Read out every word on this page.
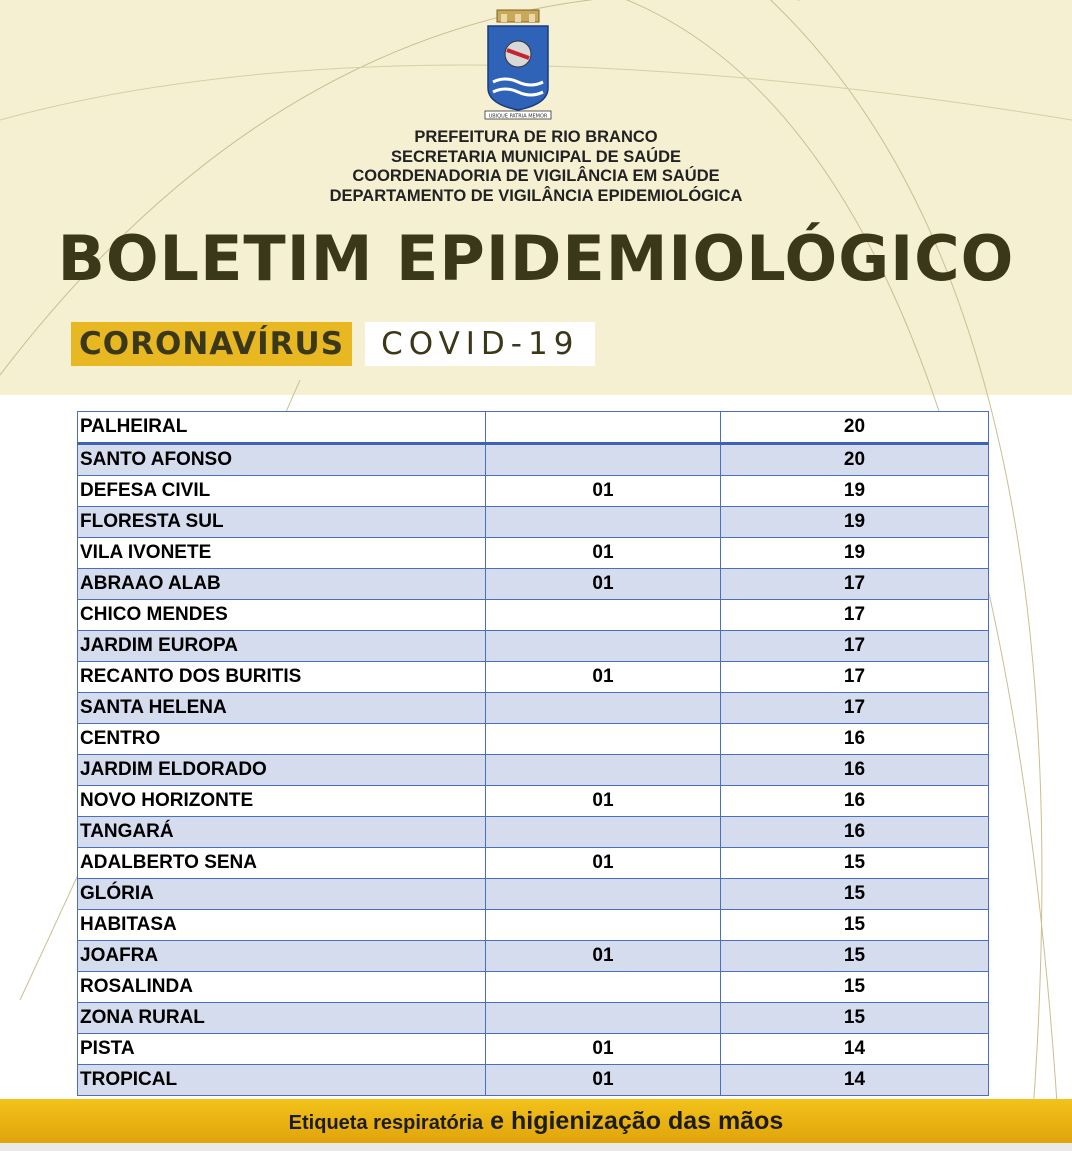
UBIQUE PATRIA MEMOR
PREFEITURA DE RIO BRANCO
SECRETARIA MUNICIPAL DE SAÚDE
COORDENADORIA DE VIGILÂNCIA EM SAÚDE
DEPARTAMENTO DE VIGILÂNCIA EPIDEMIOLÓGICA
BOLETIM EPIDEMIOLÓGICO
CORONAVÍRUS	COVID-19
PALHEIRAL		20
SANTO AFONSO		20
DEFESA CIVIL	01	19
FLORESTA SUL		19
VILA IVONETE	01	19
ABRAAO ALAB	01	17
CHICO MENDES		17
JARDIM EUROPA		17
RECANTO DOS BURITIS	01	17
SANTA HELENA		17
CENTRO		16
JARDIM ELDORADO		16
NOVO HORIZONTE	01	16
TANGARÁ		16
ADALBERTO SENA	01	15
GLÓRIA		15
HABITASA		15
JOAFRA	01	15
ROSALINDA		15
ZONA RURAL		15
PISTA	01	14
TROPICAL	01	14
Etiqueta respiratória e higienização das mãos
